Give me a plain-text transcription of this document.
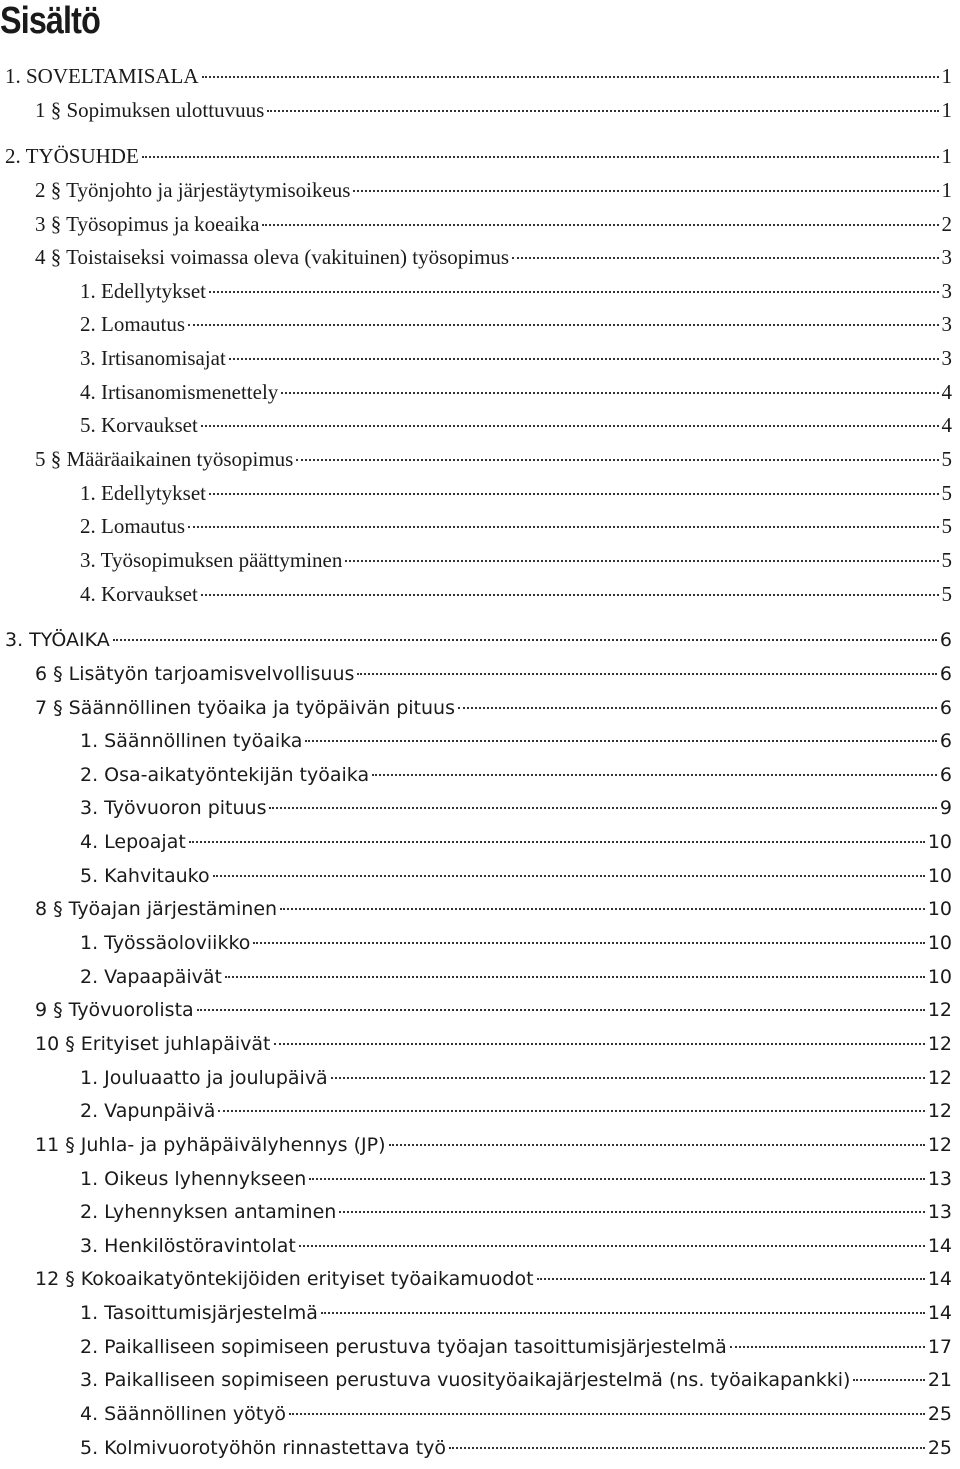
Sisältö
1. SOVELTAMISALA	1
1 § Sopimuksen ulottuvuus	1
2. TYÖSUHDE	1
2 § Työnjohto ja järjestäytymisoikeus	1
3 § Työsopimus ja koeaika	2
4 § Toistaiseksi voimassa oleva (vakituinen) työsopimus	3
1. Edellytykset	3
2. Lomautus	3
3. Irtisanomisajat	3
4. Irtisanomismenettely	4
5. Korvaukset	4
5 § Määräaikainen työsopimus	5
1. Edellytykset	5
2. Lomautus	5
3. Työsopimuksen päättyminen	5
4. Korvaukset	5
3. TYÖAIKA	6
6 § Lisätyön tarjoamisvelvollisuus	6
7 § Säännöllinen työaika ja työpäivän pituus	6
1. Säännöllinen työaika	6
2. Osa-aikatyöntekijän työaika	6
3. Työvuoron pituus	9
4. Lepoajat	10
5. Kahvitauko	10
8 § Työajan järjestäminen	10
1. Työssäoloviikko	10
2. Vapaapäivät	10
9 § Työvuorolista	12
10 § Erityiset juhlapäivät	12
1. Jouluaatto ja joulupäivä	12
2. Vapunpäivä	12
11 § Juhla- ja pyhäpäivälyhennys (JP)	12
1. Oikeus lyhennykseen	13
2. Lyhennyksen antaminen	13
3. Henkilöstöravintolat	14
12 § Kokoaikatyöntekijöiden erityiset työaikamuodot	14
1. Tasoittumisjärjestelmä	14
2. Paikalliseen sopimiseen perustuva työajan tasoittumisjärjestelmä	17
3. Paikalliseen sopimiseen perustuva vuosityöaikajärjestelmä (ns. työaikapankki)	21
4. Säännöllinen yötyö	25
5. Kolmivuorotyöhön rinnastettava työ	25
